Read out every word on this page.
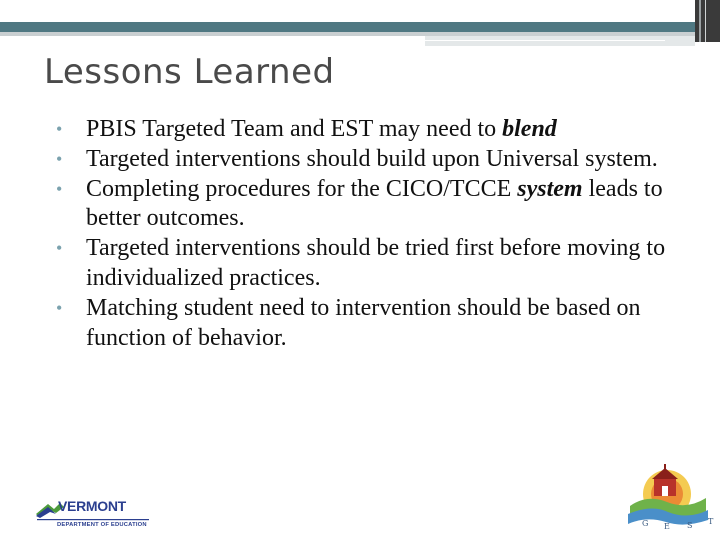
Lessons Learned
• PBIS Targeted Team and EST may need to blend
• Targeted interventions should build upon Universal system.
• Completing procedures for the CICO/TCCE system leads to better outcomes.
• Targeted interventions should be tried first before moving to individualized practices.
• Matching student need to intervention should be based on function of behavior.
VERMONT
DEPARTMENT OF EDUCATION	G E S T
